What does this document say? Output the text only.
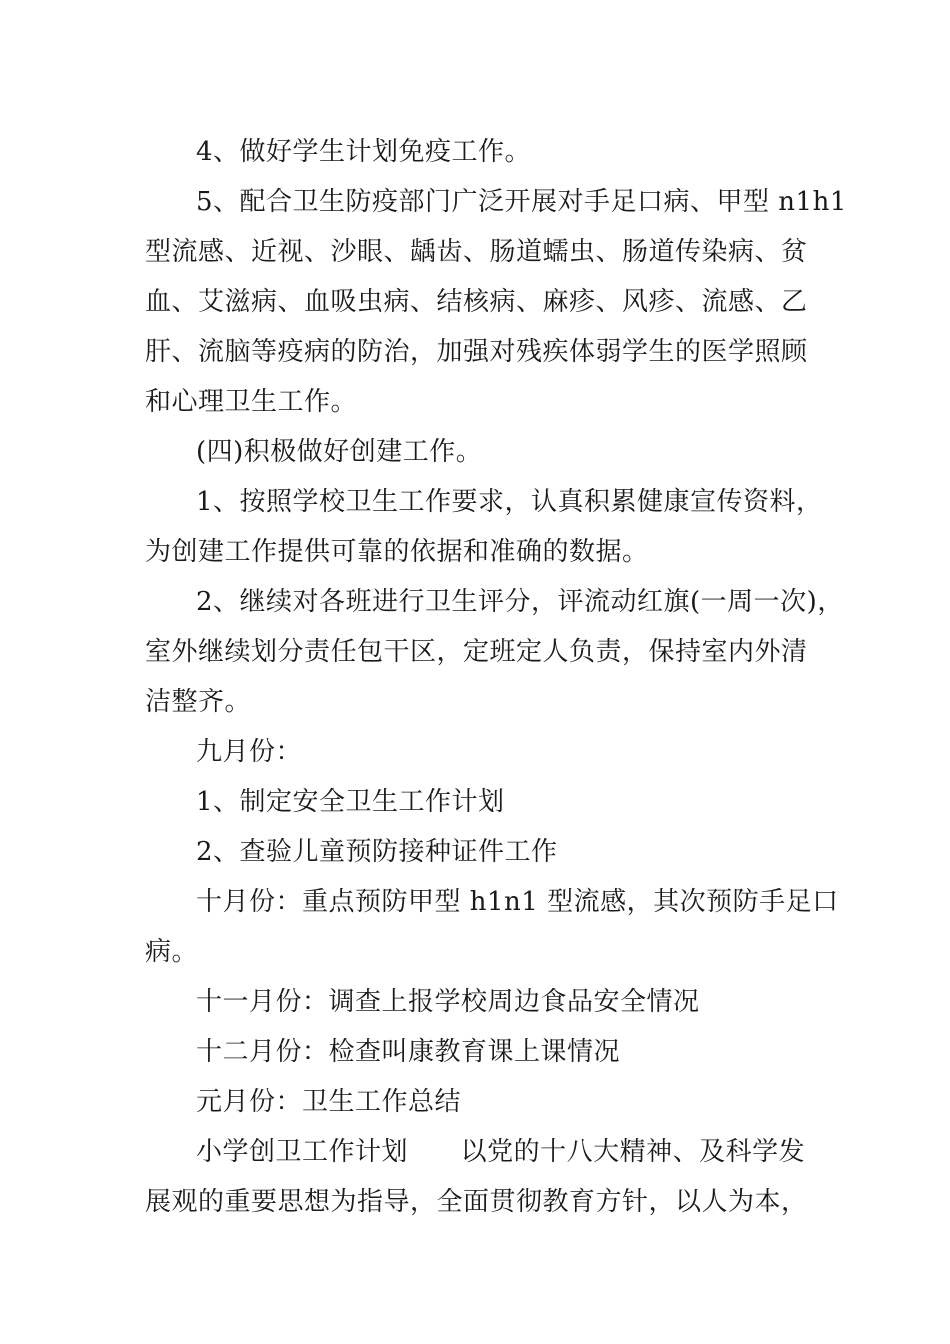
4、做好学生计划免疫工作。
5、配合卫生防疫部门广泛开展对手足口病、甲型 n1h1
型流感、近视、沙眼、龋齿、肠道蠕虫、肠道传染病、贫
血、艾滋病、血吸虫病、结核病、麻疹、风疹、流感、乙
肝、流脑等疫病的防治，加强对残疾体弱学生的医学照顾
和心理卫生工作。
(四)积极做好创建工作。
1、按照学校卫生工作要求，认真积累健康宣传资料，
为创建工作提供可靠的依据和准确的数据。
2、继续对各班进行卫生评分，评流动红旗(一周一次)，
室外继续划分责任包干区，定班定人负责，保持室内外清
洁整齐。
九月份：
1、制定安全卫生工作计划
2、查验儿童预防接种证件工作
十月份：重点预防甲型 h1n1 型流感，其次预防手足口
病。
十一月份：调查上报学校周边食品安全情况
十二月份：检查叫康教育课上课情况
元月份：卫生工作总结
小学创卫工作计划      以党的十八大精神、及科学发
展观的重要思想为指导，全面贯彻教育方针，以人为本，
